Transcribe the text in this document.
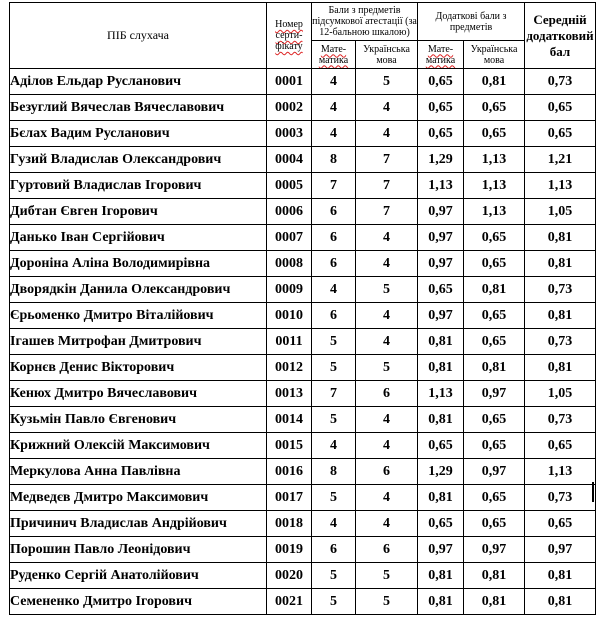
ПІБ слухача	Номер серти-фікату	Бали з предметів підсумкової атестації (за 12-бальною шкалою)		Додаткові бали з предметів		Середній додатковий бал
		Мате-матика	Українська мова	Мате-матика	Українська мова	
Аділов Ельдар Русланович	0001	4	5	0,65	0,81	0,73
Безуглий Вячеслав Вячеславович	0002	4	4	0,65	0,65	0,65
Бєлах Вадим Русланович	0003	4	4	0,65	0,65	0,65
Гузий Владислав Олександрович	0004	8	7	1,29	1,13	1,21
Гуртовий Владислав Ігорович	0005	7	7	1,13	1,13	1,13
Дибтан Євген Ігорович	0006	6	7	0,97	1,13	1,05
Данько Іван Сергійович	0007	6	4	0,97	0,65	0,81
Дороніна Аліна Володимирівна	0008	6	4	0,97	0,65	0,81
Дворядкін Данила Олександрович	0009	4	5	0,65	0,81	0,73
Єрьоменко Дмитро Віталійович	0010	6	4	0,97	0,65	0,81
Ігашев Митрофан Дмитрович	0011	5	4	0,81	0,65	0,73
Корнєв Денис Вікторович	0012	5	5	0,81	0,81	0,81
Кенюх Дмитро Вячеславович	0013	7	6	1,13	0,97	1,05
Кузьмін Павло Євгенович	0014	5	4	0,81	0,65	0,73
Крижний Олексій Максимович	0015	4	4	0,65	0,65	0,65
Меркулова Анна Павлівна	0016	8	6	1,29	0,97	1,13
Медведєв Дмитро Максимович	0017	5	4	0,81	0,65	0,73
Причинич Владислав Андрійович	0018	4	4	0,65	0,65	0,65
Порошин Павло Леонідович	0019	6	6	0,97	0,97	0,97
Руденко Сергій Анатолійович	0020	5	5	0,81	0,81	0,81
Семененко Дмитро Ігорович	0021	5	5	0,81	0,81	0,81
